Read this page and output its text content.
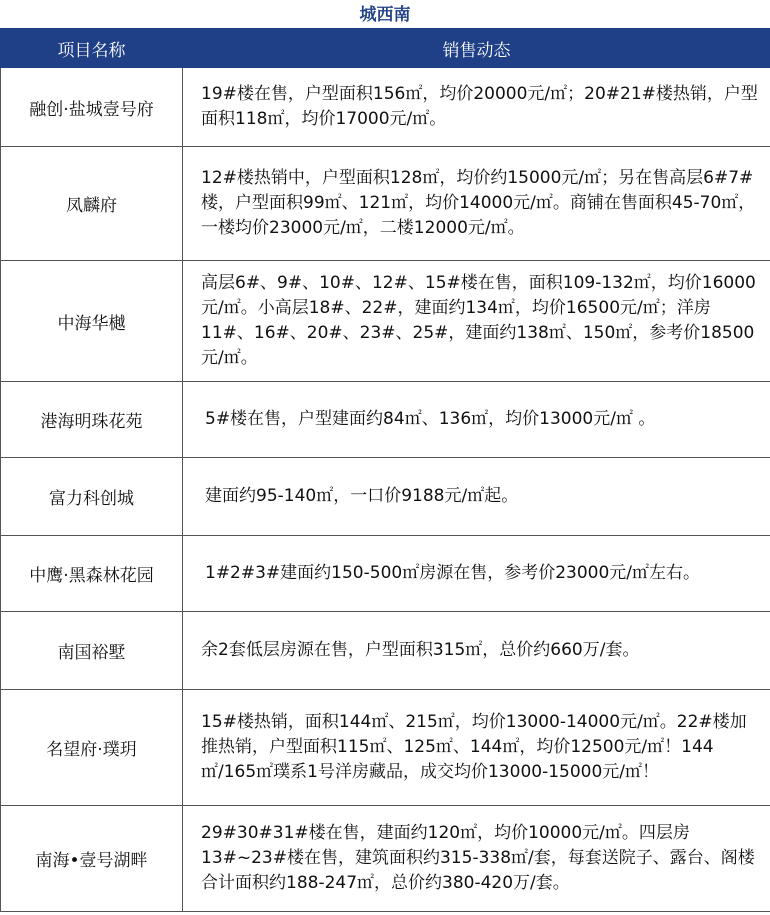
城西南
项目名称	销售动态
融创·盐城壹号府	19#楼在售，户型面积156㎡，均价20000元/㎡；20#21#楼热销，户型面积118㎡，均价17000元/㎡。
凤麟府	12#楼热销中，户型面积128㎡，均价约15000元/㎡；另在售高层6#7#楼，户型面积99㎡、121㎡，均价14000元/㎡。商铺在售面积45-70㎡，一楼均价23000元/㎡，二楼12000元/㎡。
中海华樾	高层6#、9#、10#、12#、15#楼在售，面积109-132㎡，均价16000元/㎡。小高层18#、22#，建面约134㎡，均价16500元/㎡；洋房11#、16#、20#、23#、25#，建面约138㎡、150㎡，参考价18500元/㎡。
港海明珠花苑	5#楼在售，户型建面约84㎡、136㎡，均价13000元/㎡ 。
富力科创城	建面约95-140㎡，一口价9188元/㎡起。
中鹰·黑森林花园	1#2#3#建面约150-500㎡房源在售，参考价23000元/㎡左右。
南国裕墅	余2套低层房源在售，户型面积315㎡，总价约660万/套。
名望府·璞玥	15#楼热销，面积144㎡、215㎡，均价13000-14000元/㎡。22#楼加推热销，户型面积115㎡、125㎡、144㎡，均价12500元/㎡！144㎡/165㎡璞系1号洋房藏品，成交均价13000-15000元/㎡！
南海•壹号湖畔	29#30#31#楼在售，建面约120㎡，均价10000元/㎡。四层房13#~23#楼在售，建筑面积约315-338㎡/套，每套送院子、露台、阁楼合计面积约188-247㎡，总价约380-420万/套。
